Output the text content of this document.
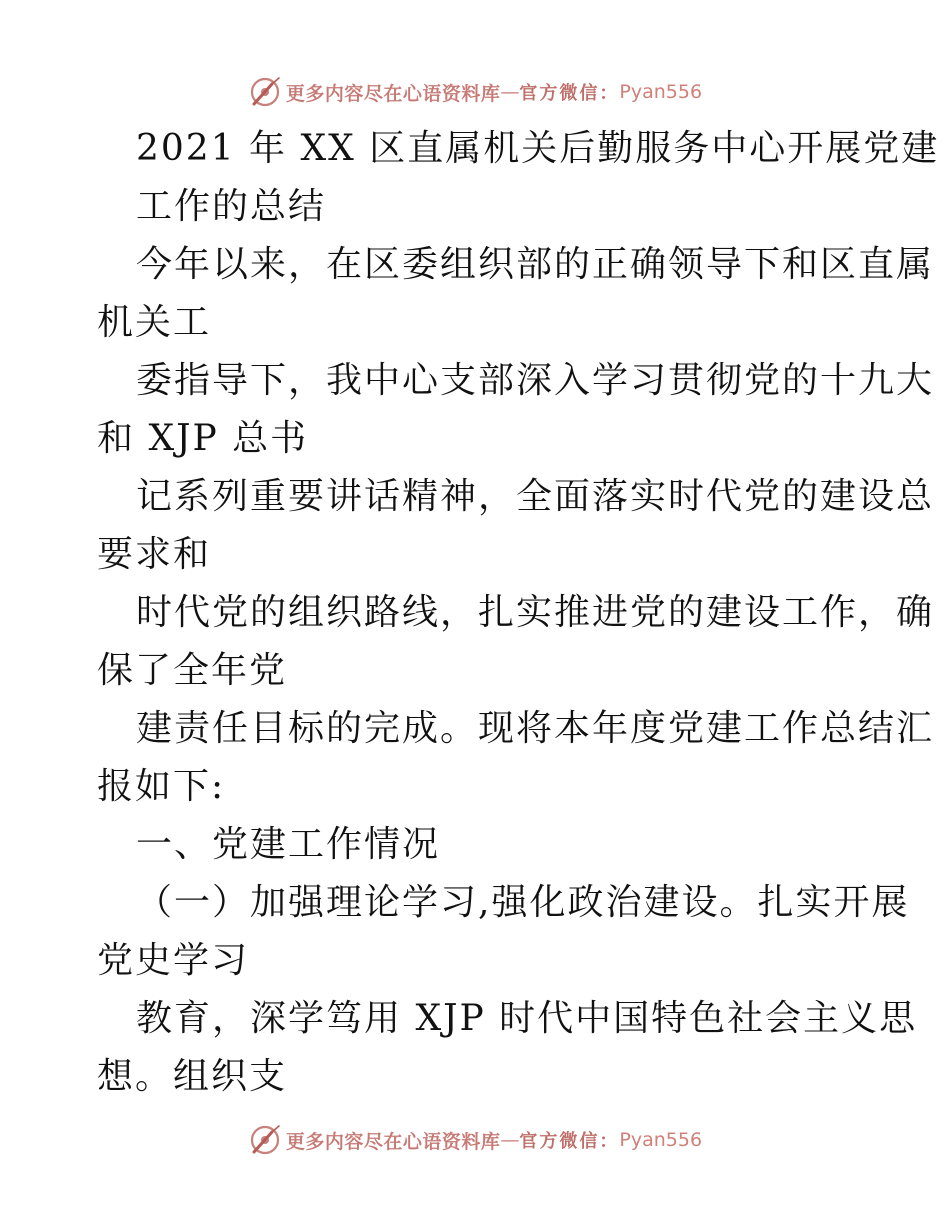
更多内容尽在心语资料库 — 官方微信： Pyan556
2021 年 XX 区直属机关后勤服务中心开展党建
工作的总结
今年以来，在区委组织部的正确领导下和区直属
机关工
委指导下，我中心支部深入学习贯彻党的十九大
和 XJP 总书
记系列重要讲话精神，全面落实时代党的建设总
要求和
时代党的组织路线，扎实推进党的建设工作，确
保了全年党
建责任目标的完成。现将本年度党建工作总结汇
报如下:
一、党建工作情况
（一）加强理论学习,强化政治建设。扎实开展
党史学习
教育，深学笃用 XJP 时代中国特色社会主义思
想。组织支
更多内容尽在心语资料库 — 官方微信： Pyan556
